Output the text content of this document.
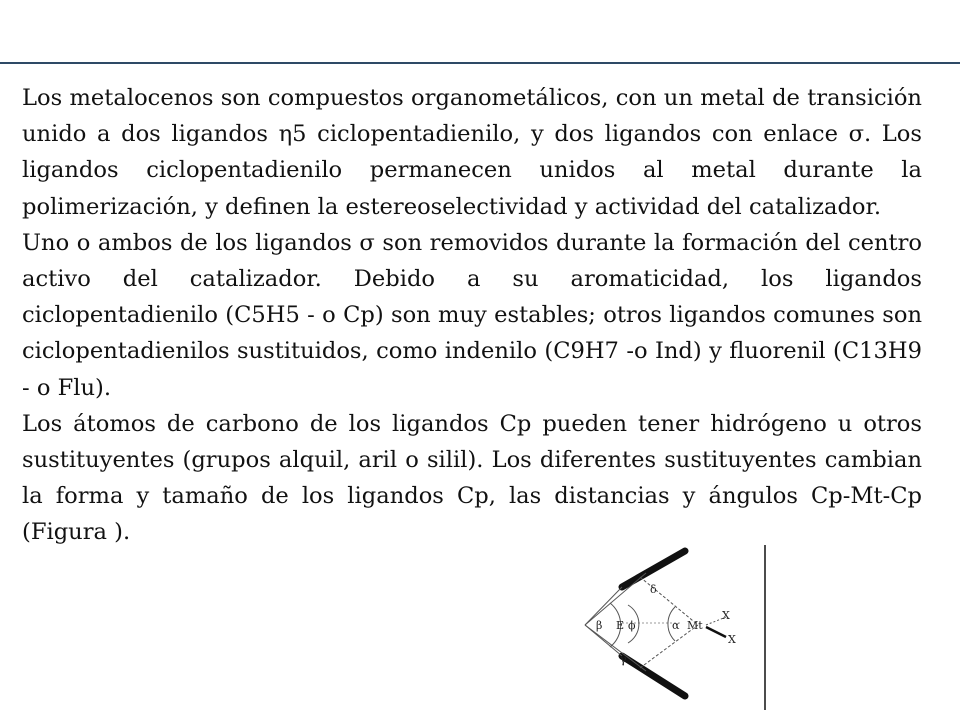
Los metalocenos son compuestos organometálicos, con un metal de transición unido a dos ligandos η5 ciclopentadienilo, y dos ligandos con enlace σ. Los ligandos ciclopentadienilo permanecen unidos al metal durante la polimerización, y definen la estereoselectividad y actividad del catalizador.

Uno o ambos de los ligandos σ son removidos durante la formación del centro activo del catalizador. Debido a su aromaticidad, los ligandos ciclopentadienilo (C5H5 - o Cp) son muy estables; otros ligandos comunes son ciclopentadienilos sustituidos, como indenilo (C9H7 -o Ind) y fluorenil (C13H9 - o Flu).

Los átomos de carbono de los ligandos Cp pueden tener hidrógeno u otros sustituyentes (grupos alquil, aril o silil). Los diferentes sustituyentes cambian la forma y tamaño de los ligandos Cp, las distancias y ángulos Cp-Mt-Cp (Figura ).

β E ϕ	α Mt
δ
γ
X
X
